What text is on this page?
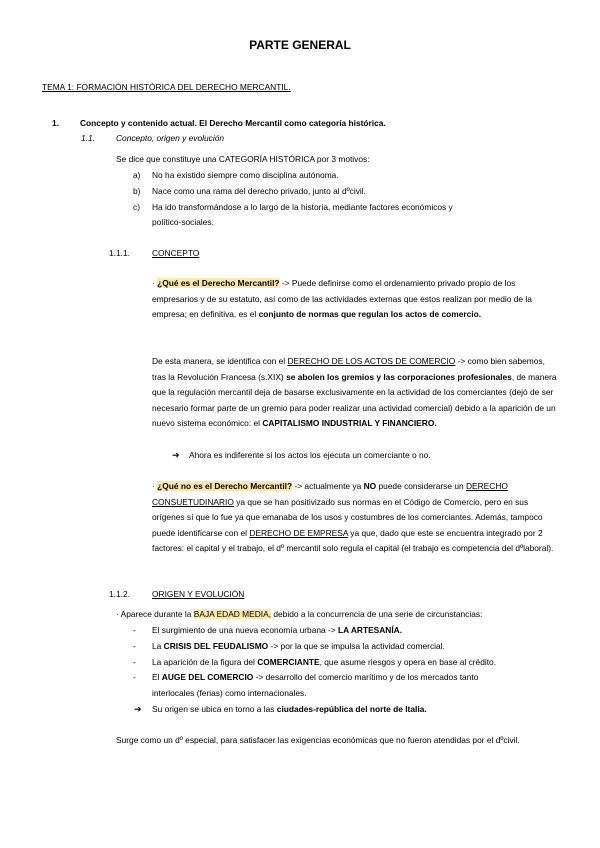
PARTE GENERAL
TEMA 1: FORMACIÓN HISTÓRICA DEL DERECHO MERCANTIL.
1.	Concepto y contenido actual. El Derecho Mercantil como categoría histórica.
1.1.	Concepto, origen y evolución
Se dice que constituye una CATEGORÍA HISTÓRICA por 3 motivos:
a) No ha existido siempre como disciplina autónoma.
b) Nace como una rama del derecho privado, junto al dºcivil.
c) Ha ido transformándose a lo largo de la historia, mediante factores económicos y
político-sociales.
1.1.1.	CONCEPTO
· ¿Qué es el Derecho Mercantil? -> Puede definirse como el ordenamiento privado propio de los empresarios y de su estatuto, así como de las actividades externas que estos realizan por medio de la empresa; en definitiva, es el conjunto de normas que regulan los actos de comercio.
De esta manera, se identifica con el DERECHO DE LOS ACTOS DE COMERCIO -> como bien sabemos, tras la Revolución Francesa (s.XIX) se abolen los gremios y las corporaciones profesionales, de manera que la regulación mercantil deja de basarse exclusivamente en la actividad de los comerciantes (dejó de ser necesario formar parte de un gremio para poder realizar una actividad comercial) debido a la aparición de un nuevo sistema económico: el CAPITALISMO INDUSTRIAL Y FINANCIERO.
➔ Ahora es indiferente si los actos los ejecuta un comerciante o no.
· ¿Qué no es el Derecho Mercantil? -> actualmente ya NO puede considerarse un DERECHO CONSUETUDINARIO ya que se han positivizado sus normas en el Código de Comercio, pero en sus orígenes sí que lo fue ya que emanaba de los usos y costumbres de los comerciantes. Además, tampoco puede identificarse con el DERECHO DE EMPRESA ya que, dado que este se encuentra integrado por 2 factores: el capital y el trabajo, el dº mercantil solo regula el capital (el trabajo es competencia del dºlaboral).
1.1.2.	ORIGEN Y EVOLUCIÓN
· Aparece durante la BAJA EDAD MEDIA, debido a la concurrencia de una serie de circunstancias:
- El surgimiento de una nueva economía urbana -> LA ARTESANÍA.
- La CRISIS DEL FEUDALISMO -> por la que se impulsa la actividad comercial.
- La aparición de la figura del COMERCIANTE, que asume riesgos y opera en base al crédito.
- El AUGE DEL COMERCIO -> desarrollo del comercio marítimo y de los mercados tanto
interlocales (ferias) como internacionales.
➔ Su origen se ubica en torno a las ciudades-república del norte de Italia.
Surge como un dº especial, para satisfacer las exigencias económicas que no fueron atendidas por el dºcivil.
